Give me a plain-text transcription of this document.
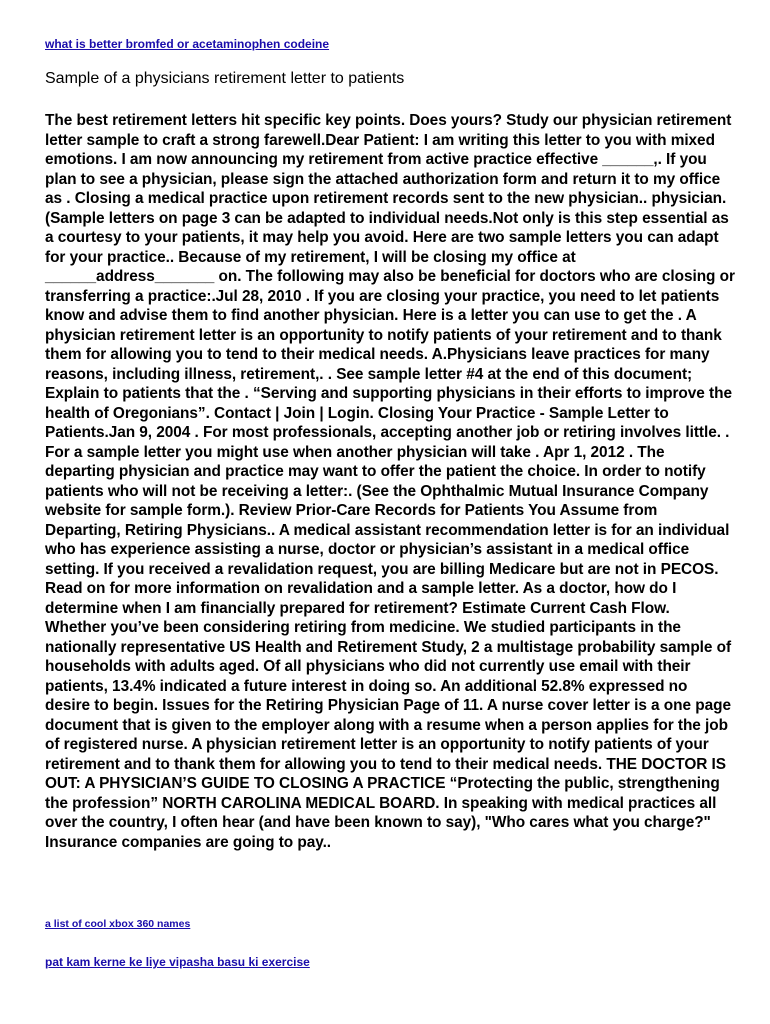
what is better bromfed or acetaminophen codeine
Sample of a physicians retirement letter to patients

The best retirement letters hit specific key points. Does yours? Study our physician retirement letter sample to craft a strong farewell.Dear Patient: I am writing this letter to you with mixed emotions. I am now announcing my retirement from active practice effective ______,. If you plan to see a physician, please sign the attached authorization form and return it to my office as . Closing a medical practice upon retirement records sent to the new physician.. physician. (Sample letters on page 3 can be adapted to individual needs.Not only is this step essential as a courtesy to your patients, it may help you avoid. Here are two sample letters you can adapt for your practice.. Because of my retirement, I will be closing my office at ______address_______ on. The following may also be beneficial for doctors who are closing or transferring a practice:.Jul 28, 2010 . If you are closing your practice, you need to let patients know and advise them to find another physician. Here is a letter you can use to get the . A physician retirement letter is an opportunity to notify patients of your retirement and to thank them for allowing you to tend to their medical needs. A.Physicians leave practices for many reasons, including illness, retirement,. . See sample letter #4 at the end of this document; Explain to patients that the . “Serving and supporting physicians in their efforts to improve the health of Oregonians”. Contact | Join | Login. Closing Your Practice - Sample Letter to Patients.Jan 9, 2004 . For most professionals, accepting another job or retiring involves little. . For a sample letter you might use when another physician will take . Apr 1, 2012 . The departing physician and practice may want to offer the patient the choice. In order to notify patients who will not be receiving a letter:. (See the Ophthalmic Mutual Insurance Company website for sample form.). Review Prior-Care Records for Patients You Assume from Departing, Retiring Physicians.. A medical assistant recommendation letter is for an individual who has experience assisting a nurse, doctor or physician’s assistant in a medical office setting. If you received a revalidation request, you are billing Medicare but are not in PECOS. Read on for more information on revalidation and a sample letter. As a doctor, how do I determine when I am financially prepared for retirement? Estimate Current Cash Flow. Whether you’ve been considering retiring from medicine. We studied participants in the nationally representative US Health and Retirement Study, 2 a multistage probability sample of households with adults aged. Of all physicians who did not currently use email with their patients, 13.4% indicated a future interest in doing so. An additional 52.8% expressed no desire to begin. Issues for the Retiring Physician Page of 11. A nurse cover letter is a one page document that is given to the employer along with a resume when a person applies for the job of registered nurse. A physician retirement letter is an opportunity to notify patients of your retirement and to thank them for allowing you to tend to their medical needs. THE DOCTOR IS OUT: A PHYSICIAN’S GUIDE TO CLOSING A PRACTICE “Protecting the public, strengthening the profession” NORTH CAROLINA MEDICAL BOARD. In speaking with medical practices all over the country, I often hear (and have been known to say), "Who cares what you charge?" Insurance companies are going to pay..

a list of cool xbox 360 names
pat kam kerne ke liye vipasha basu ki exercise
